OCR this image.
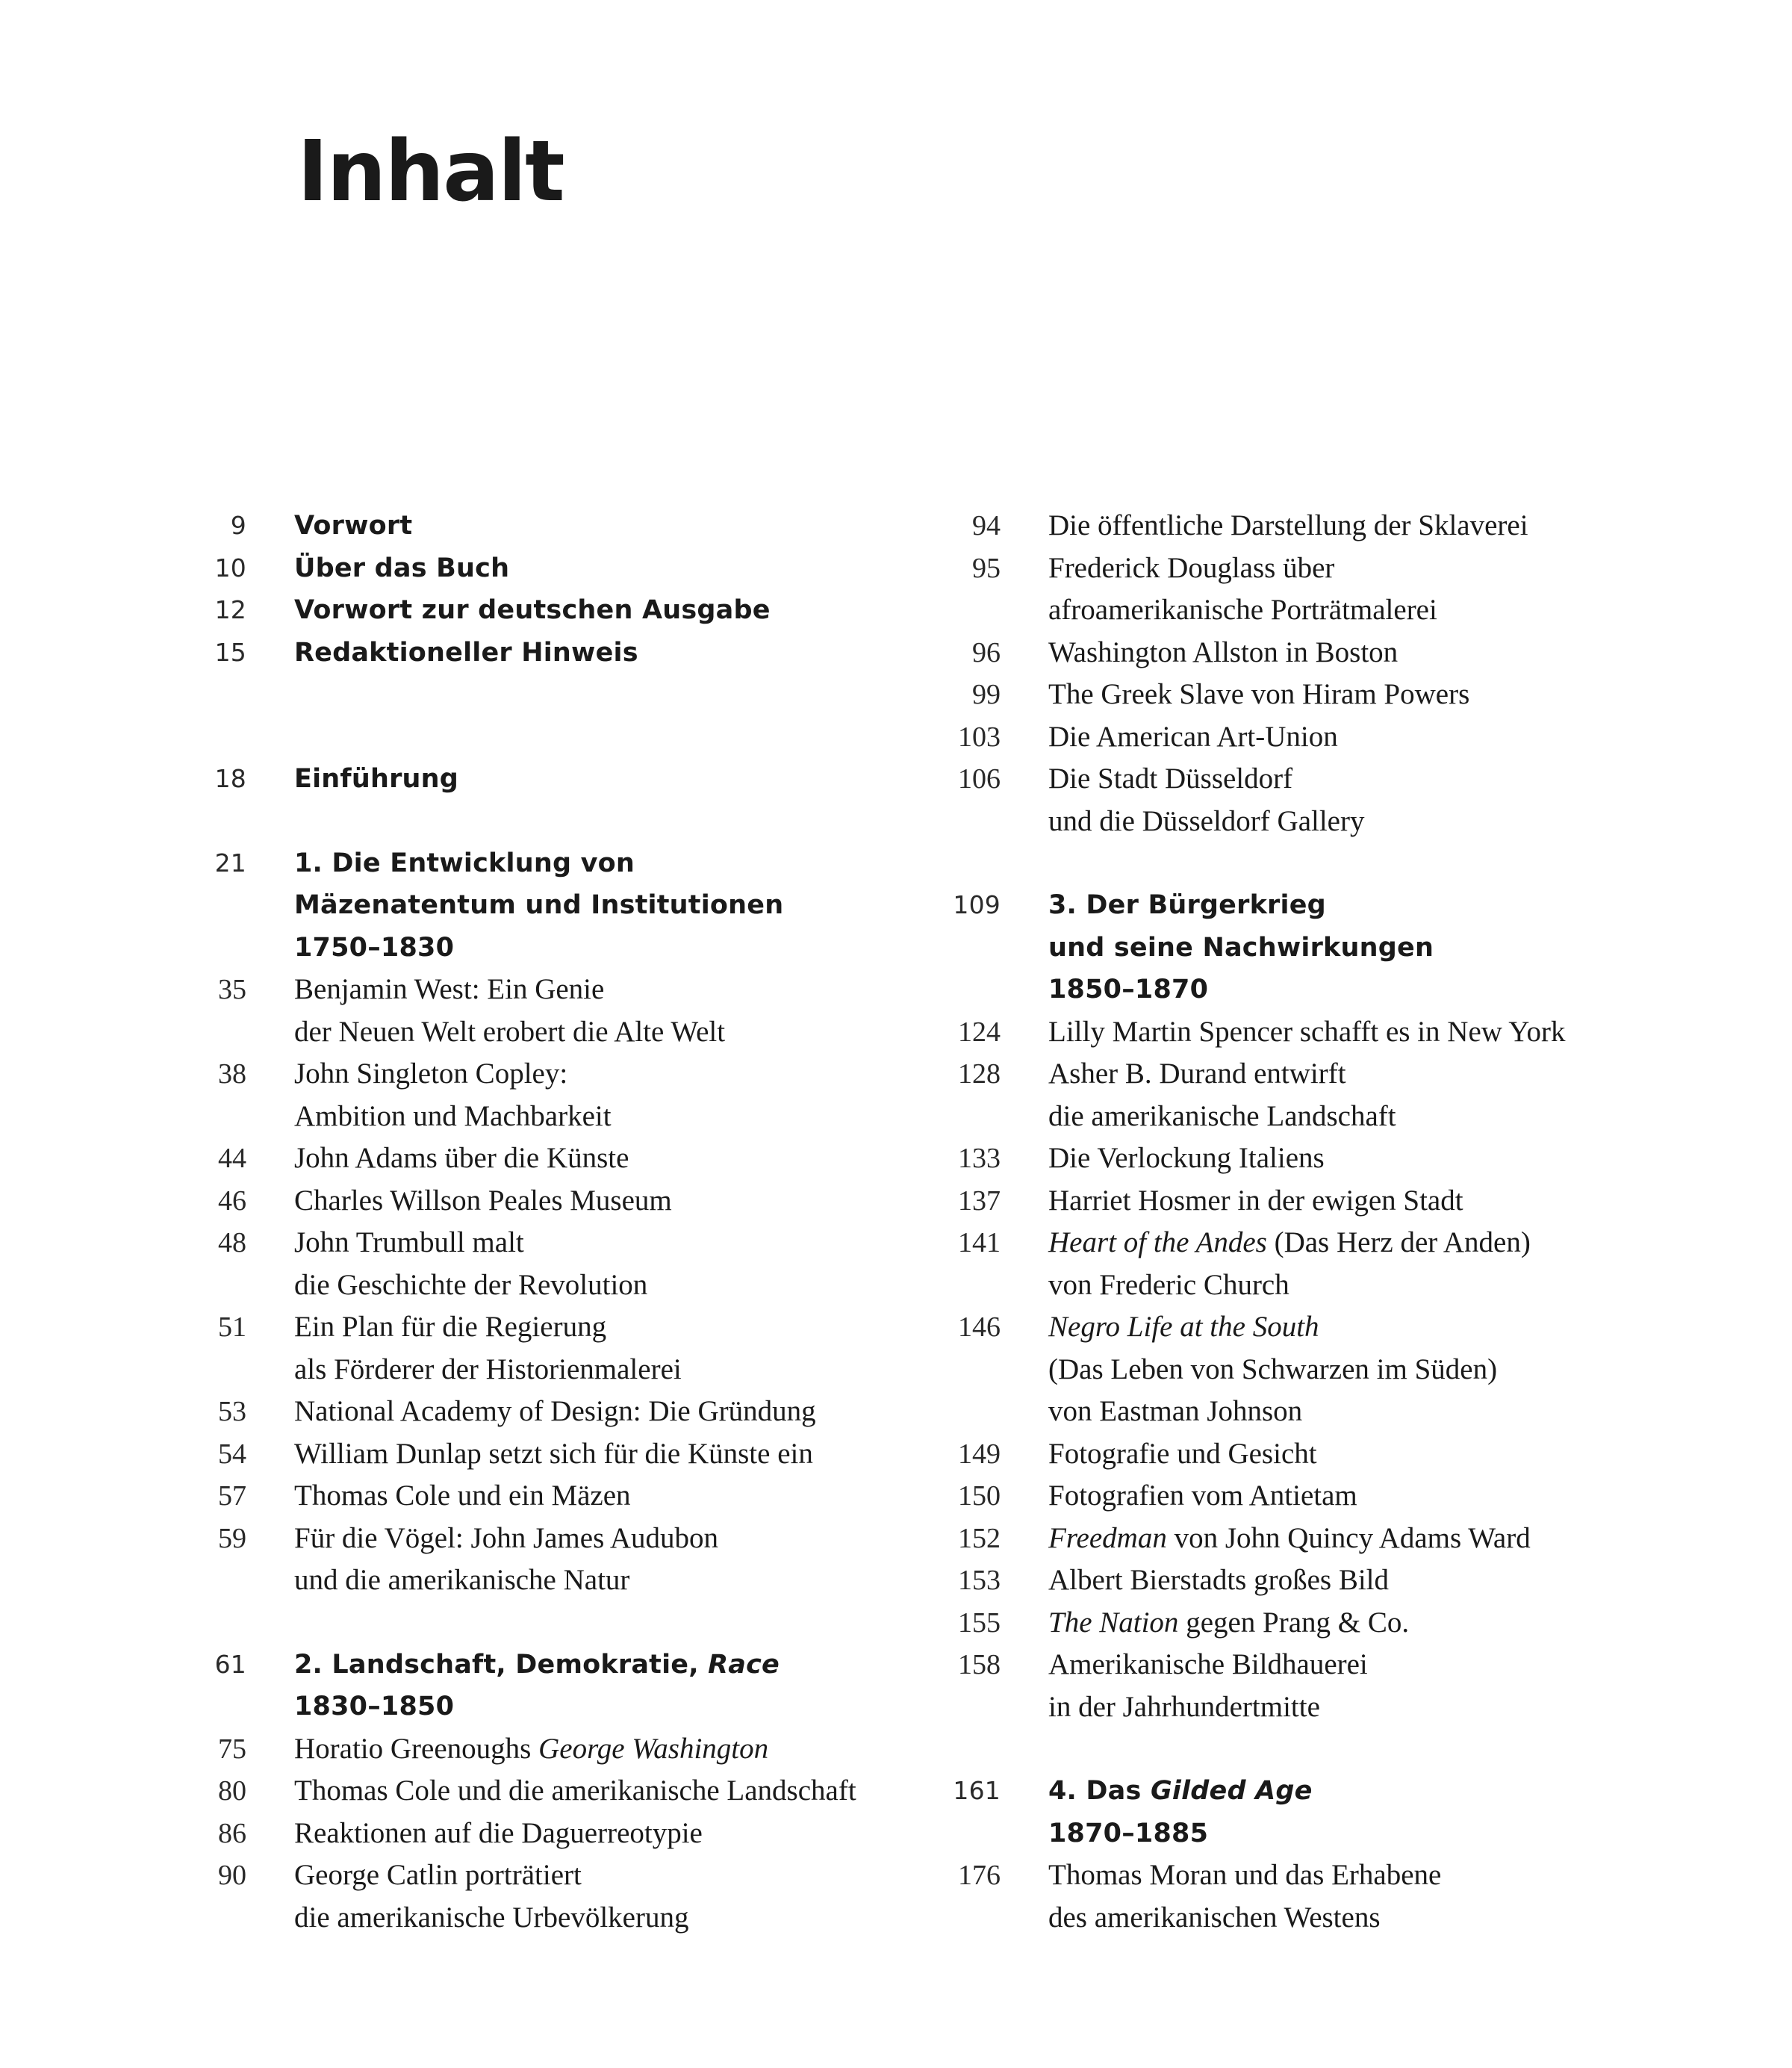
Inhalt
9 Vorwort
10 Über das Buch
12 Vorwort zur deutschen Ausgabe
15 Redaktioneller Hinweis
18 Einführung
21 1. Die Entwicklung von
Mäzenatentum und Institutionen
1750–1830
35 Benjamin West: Ein Genie
der Neuen Welt erobert die Alte Welt
38 John Singleton Copley:
Ambition und Machbarkeit
44 John Adams über die Künste
46 Charles Willson Peales Museum
48 John Trumbull malt
die Geschichte der Revolution
51 Ein Plan für die Regierung
als Förderer der Historienmalerei
53 National Academy of Design: Die Gründung
54 William Dunlap setzt sich für die Künste ein
57 Thomas Cole und ein Mäzen
59 Für die Vögel: John James Audubon
und die amerikanische Natur
61 2. Landschaft, Demokratie, Race
1830–1850
75 Horatio Greenoughs George Washington
80 Thomas Cole und die amerikanische Landschaft
86 Reaktionen auf die Daguerreotypie
90 George Catlin porträtiert
die amerikanische Urbevölkerung
94 Die öffentliche Darstellung der Sklaverei
95 Frederick Douglass über
afroamerikanische Porträtmalerei
96 Washington Allston in Boston
99 The Greek Slave von Hiram Powers
103 Die American Art-Union
106 Die Stadt Düsseldorf
und die Düsseldorf Gallery
109 3. Der Bürgerkrieg
und seine Nachwirkungen
1850–1870
124 Lilly Martin Spencer schafft es in New York
128 Asher B. Durand entwirft
die amerikanische Landschaft
133 Die Verlockung Italiens
137 Harriet Hosmer in der ewigen Stadt
141 Heart of the Andes (Das Herz der Anden)
von Frederic Church
146 Negro Life at the South
(Das Leben von Schwarzen im Süden)
von Eastman Johnson
149 Fotografie und Gesicht
150 Fotografien vom Antietam
152 Freedman von John Quincy Adams Ward
153 Albert Bierstadts großes Bild
155 The Nation gegen Prang & Co.
158 Amerikanische Bildhauerei
in der Jahrhundertmitte
161 4. Das Gilded Age
1870–1885
176 Thomas Moran und das Erhabene
des amerikanischen Westens
